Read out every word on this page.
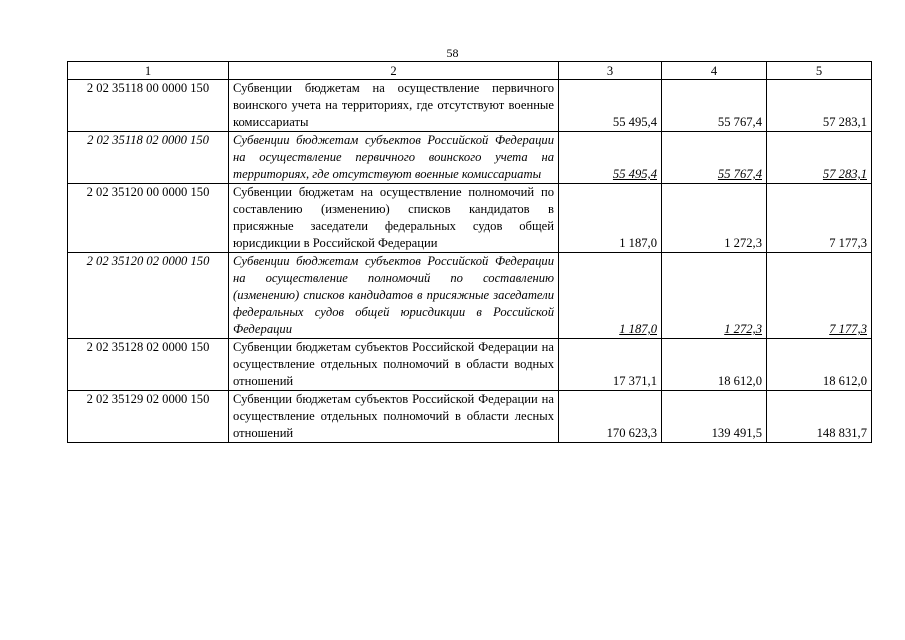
58
1	2	3	4	5
2 02 35118 00 0000 150	Субвенции бюджетам на осуществление первичного воинского учета на территориях, где отсутствуют военные комиссариаты	55 495,4	55 767,4	57 283,1
2 02 35118 02 0000 150	Субвенции бюджетам субъектов Российской Федерации на осуществление первичного воинского учета на территориях, где отсутствуют военные комиссариаты	55 495,4	55 767,4	57 283,1
2 02 35120 00 0000 150	Субвенции бюджетам на осуществление полномочий по составлению (изменению) списков кандидатов в присяжные заседатели федеральных судов общей юрисдикции в Российской Федерации	1 187,0	1 272,3	7 177,3
2 02 35120 02 0000 150	Субвенции бюджетам субъектов Российской Федерации на осуществление полномочий по составлению (изменению) списков кандидатов в присяжные заседатели федеральных судов общей юрисдикции в Российской Федерации	1 187,0	1 272,3	7 177,3
2 02 35128 02 0000 150	Субвенции бюджетам субъектов Российской Федерации на осуществление отдельных полномочий в области водных отношений	17 371,1	18 612,0	18 612,0
2 02 35129 02 0000 150	Субвенции бюджетам субъектов Российской Федерации на осуществление отдельных полномочий в области лесных отношений	170 623,3	139 491,5	148 831,7
